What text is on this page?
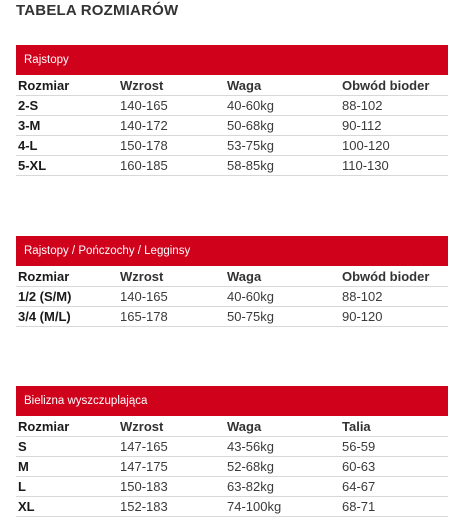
TABELA ROZMIARÓW
Rajstopy
Rozmiar	Wzrost	Waga	Obwód bioder
2-S	140-165	40-60kg	88-102
3-M	140-172	50-68kg	90-112
4-L	150-178	53-75kg	100-120
5-XL	160-185	58-85kg	110-130
Rajstopy / Pończochy / Legginsy
Rozmiar	Wzrost	Waga	Obwód bioder
1/2 (S/M)	140-165	40-60kg	88-102
3/4 (M/L)	165-178	50-75kg	90-120
Bielizna wyszczuplająca
Rozmiar	Wzrost	Waga	Talia
S	147-165	43-56kg	56-59
M	147-175	52-68kg	60-63
L	150-183	63-82kg	64-67
XL	152-183	74-100kg	68-71
